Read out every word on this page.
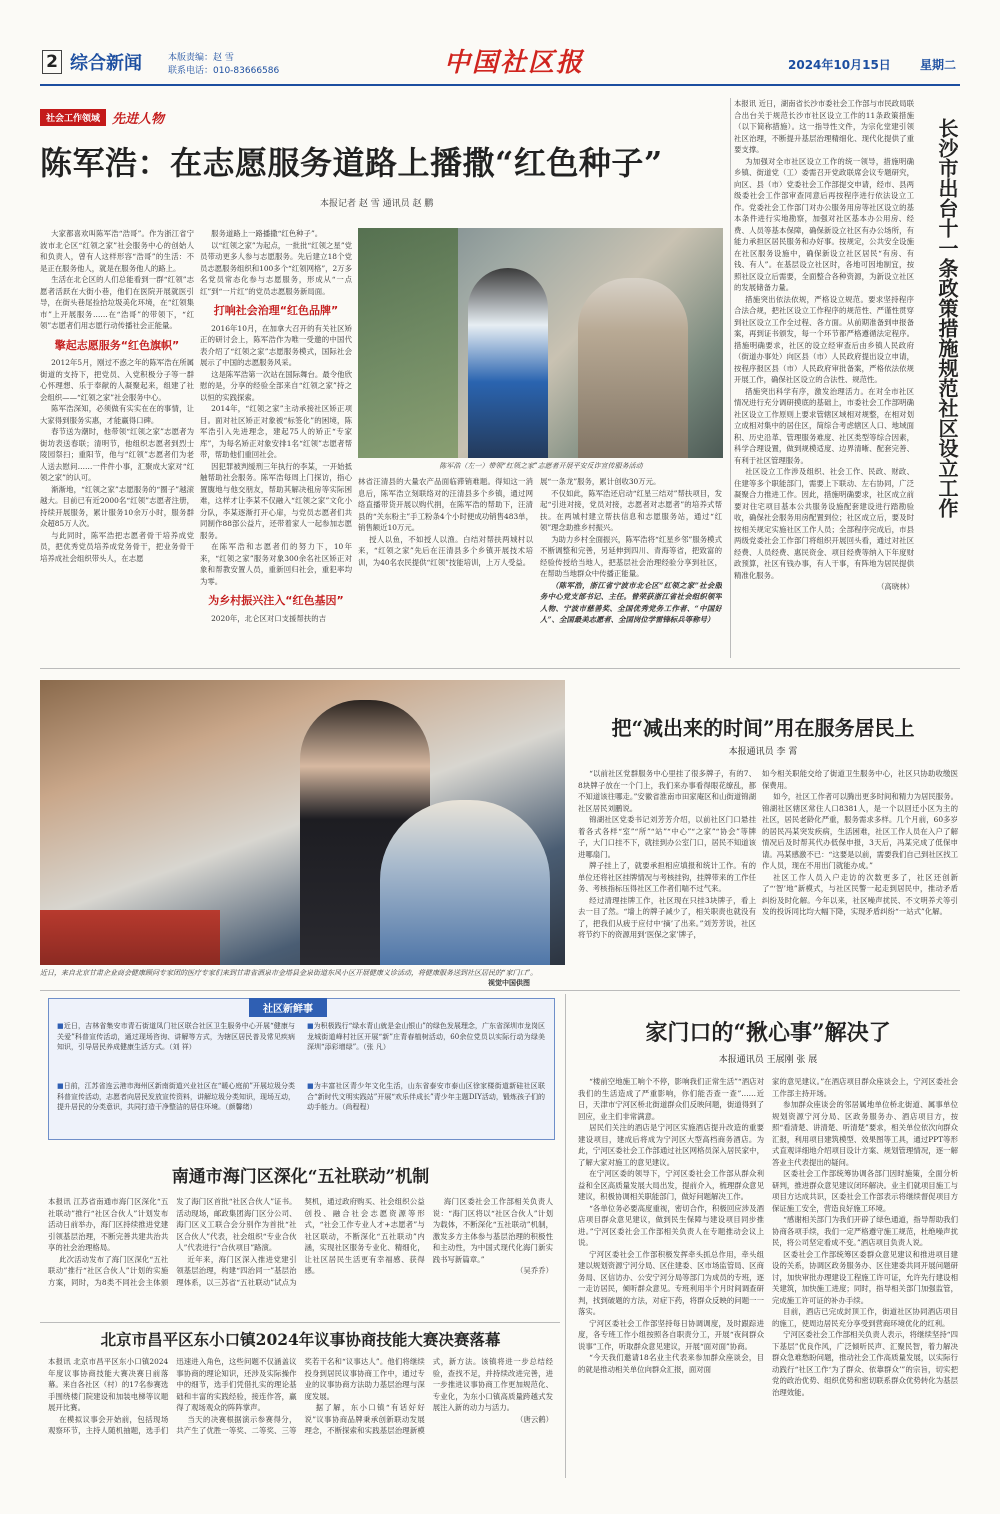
2 综合新闻	本版责编：赵 雪
联系电话：010-83666586	中国社区报	2024年10月15日 星期二
社会工作领域 先进人物
陈军浩：在志愿服务道路上播撒“红色种子”
本报记者 赵 雪 通讯员 赵 鹏

大家都喜欢叫陈军浩“浩哥”。作为浙江省宁波市北仑区“红领之家”社会服务中心的创始人和负责人，曾有人这样形容“浩哥”的生活：不是正在服务他人，就是在服务他人的路上。

生活在北仑区的人们总能看到一群“红领”志愿者活跃在大街小巷，他们在医院开展就医引导，在街头巷尾捡拾垃圾美化环境，在“红领集市”上开展服务……在“浩哥”的带领下，“红领”志愿者们用志愿行动传播社会正能量。

擎起志愿服务“红色旗帜”

2012年5月，刚过不惑之年的陈军浩在所属街道的支持下，把党员、入党积极分子等一群心怀理想、乐于奉献的人凝聚起来，组建了社会组织——“红领之家”社会服务中心。

陈军浩深知，必须做有实实在在的事情，让大家得到服务实惠，才能赢得口碑。

春节送为潮时，他带领“红领之家”志愿者为街坊表送春联；清明节，他组织志愿者到烈士陵园祭扫；重阳节，他与“红领”志愿者们为老人送去慰问……一件件小事，汇聚成大家对“红领之家”的认可。

渐渐地，“红领之家”志愿服务的“圈子”越滚越大。目前已有近2000名“红领”志愿者注册，持续开展服务，累计服务10余万小时，服务群众超85万人次。

与此同时，陈军浩把志愿者骨干培养成党员，把优秀党员培养成党务骨干，把业务骨干培养成社会组织带头人，在志愿

服务道路上一路播撒“红色种子”。

以“红领之家”为起点，一批批“红领之星”党员带动更多人参与志愿服务。先后建立18个党员志愿服务组织和100多个“红领网格”，2万多名党员常态化参与志愿服务，形成从“一点红”到“一片红”的党员志愿服务新局面。

打响社会治理“红色品牌”

2016年10月，在加拿大召开的有关社区矫正的研讨会上，陈军浩作为唯一受邀的中国代表介绍了“红领之家”志愿服务模式，国际社会展示了中国的志愿服务风采。

这是陈军浩第一次站在国际舞台。最令他欣慰的是，分享的经验全部来自“红领之家”持之以恒的实践探索。

2014年，“红领之家”主动承接社区矫正项目。面对社区矫正对象被“标签化”的困境，陈军浩引入先进理念，建起75人的矫正“专家库”，为每名矫正对象安排1名“红领”志愿者帮带，帮助他们重回社会。

因犯罪被判缓刑三年执行的李某，一开始抵触帮助社会服务。陈军浩每周上门探访，指心置腹地与他交朋友，帮助其解决租房等实际困难，这样才让李某不仅融入“红领之家”文化小分队，李某逐渐打开心扉，与党员志愿者们共同制作88部公益片，还带着家人一起参加志愿服务。

在陈军浩和志愿者们的努力下，10年来，“红领之家”服务对象300余名社区矫正对象和帮教安置人员，重新回归社会，重犯率均为零。

为乡村振兴注入“红色基因”

2020年，北仑区对口支援帮扶的吉

陈军浩（左一）带领“红领之家”志愿者开展平安反诈宣传服务活动

林省汪清县的大量农产品面临滞销难题。得知这一消息后，陈军浩立刻联络对的汪清县多个乡镇，通过网络直播带货开展以购代捐，在陈军浩的帮助下，汪清县的“关东粉主”手工粉条4个小时便成功销售483单，销售额近10万元。

授人以鱼，不如授人以渔。白结对帮扶两城村以来，“红领之家”先后在汪清县多个乡镇开展技术培训，为40名农民提供“红领”技能培训，上万人受益。

展“一条龙”服务，累计创收30万元。

不仅如此，陈军浩还启动“红星三结对”帮扶项目，发起“引进对接，党员对接，志愿者对志愿者”的培养式帮扶。在两城村建立帮扶信息和志愿服务站，通过“红领”理念助推乡村振兴。

为助力乡村全面振兴，陈军浩将“红星乡邻”服务模式不断调整和完善，另延伸到四川、青海等省，把致富的经验传授给当地人，把基层社会治理经验分享到社区，在帮助当地群众中传播正能量。

（陈军浩，浙江省宁波市北仑区“红领之家”社会服务中心党支部书记、主任。曾荣获浙江省社会组织领军人物、宁波市慈善奖、全国优秀党务工作者、“中国好人”、全国最美志愿者、全国岗位学雷锋标兵等称号）

本报讯 近日，湖南省长沙市委社会工作部与市民政局联合出台关于规范长沙市社区设立工作的11条政策措施（以下简称措施）。这一指导性文件，为宗化堂建引领社区治理，不断提升基层治理精细化、现代化提供了重要支撑。

为加强对全市社区设立工作的统一领导，措施明确乡镇、街道党（工）委需召开党政联席会议专题研究，向区、县（市）党委社会工作部提交申请，经市、县两级委社会工作部审查同意后再按程序进行依法设立工作。党委社会工作部门对办公服务用房等社区设立的基本条件进行实地勘察，加强对社区基本办公用房、经费、人员等基本保障，确保新设立社区有办公场所，有能力承担区居民服务和办好事。按规定，公共安全设施在社区服务设施中，确保新设立社区居民“有房、有钱、有人”。在基层设立社区时，各地可因地制宜，按照社区设立后需要，全面整合各种资源，为新设立社区的发展储备力量。

措施突出依法依规，严格设立规范。要求坚持程序合法合规，把社区设立工作程序的规范性、严谨性贯穿到社区设立工作全过程、各方面。从前期准备到申报备案，再到证书颁发，每一个环节都严格遵循法定程序。措施明确要求，社区的设立经审查后由乡镇人民政府（街道办事处）向区县（市）人民政府提出设立申请，按程序报区县（市）人民政府审批备案，严格依法依规开展工作，确保社区设立的合法性、规范性。

措施突出科学有序，激发治理活力。在对全市社区情况进行充分调研摸底的基础上，市委社会工作部明确社区设立工作原则上要求管辖区域相对规整，在相对划立成相对集中的居住区，简综合考虑辖区人口、地域面积、历史沿革、管理服务难度、社区类型等综合因素，科学合理设置，做到规模适度、边界清晰、配套完善、有利于社区管理服务。

社区设立工作涉及组织、社会工作、民政、财政、住建等多个职能部门，需要上下联动、左右协同，广泛凝聚合力推进工作。因此，措施明确要求，社区成立前要对住宅项目基本公共服务设施配套建设进行踏勘验收，确保社会服务用房配置到位；社区成立后，要及时按相关规定实施社区工作人员；全部程序完成后，市县两级党委社会工作部门将组织开展回头看，通过对社区经费、人员经费、惠民资金、项目经费等纳入下年度财政预算，社区有钱办事，有人干事，有阵地为居民提供精准化服务。

（高晓林）

长沙市出台十一条政策措施规范社区设立工作
近日，来自北京甘肃企业商会健康顾问专家团的医疗专家们来到甘肃省酒泉市金塔县金泉街道东风小区开展健康义诊活动，将健康服务送到社区居民的“家门口”。
视觉中国供图
把“减出来的时间”用在服务居民上
本报通讯员 李 霄

“以前社区党群服务中心里挂了很多牌子，有的7、8块牌子放在一个门上，我们来办事看得眼花缭乱，都不知道该往哪走。”安徽省淮南市田家庵区和山街道锦湖社区居民刘鹏说。

锦湖社区党委书记刘芳芳介绍，以前社区门口悬挂着各式各样“室”“所”“站”“中心”“之家”“协会”等牌子，大门口挂不下，就挂到办公室门口，居民不知道该进哪扇门。

牌子挂上了，就要承担相应填报和统计工作。有的单位还将社区挂牌情况与考核挂钩，挂牌带来的工作任务、考核指标压得社区工作者们喘不过气来。

经过清理挂牌工作，社区现在只挂3块牌子，看上去一目了然。“墙上的牌子减少了，相关职责也就没有了，把我们从疲于应付中‘摘’了出来。”刘芳芳说，社区将节约下的资源用到‘医保之家’牌子，

如今相关职能交给了街道卫生服务中心，社区只协助收缴医保费用。

如今，社区工作者可以腾出更多时间和精力为居民服务。锦湖社区辖区常住人口8381人，是一个以回迁小区为主的社区，居民老龄化严重，服务需求多样。几个月前，60多岁的居民冯某突发疾病，生活困难，社区工作人员在入户了解情况后及时帮其代办低保申报，3天后，冯某完成了低保申请。冯某感激不已：“这要是以前，需要我们自己到社区找工作人员，现在不用出门就能办成。”

社区工作人员入户走访的次数更多了，社区还创新了“‘智’地”新模式，与社区民警一起走到居民中，推动矛盾纠纷及时化解。今年以来，社区噪声扰民、不文明养犬等引发的投诉同比均大幅下降，实现矛盾纠纷“一站式”化解。

社区新鲜事
■近日，吉林省集安市青石街道凤门社区联合社区卫生服务中心开展“健康与关爱”科普宣传活动，通过现场咨询、讲解等方式，为辖区居民普及常见疾病知识，引导居民养成健康生活方式。（刘 祥）
■为积极践行“绿水青山就是金山银山”的绿色发展理念，广东省深圳市龙岗区龙城街道峰村社区开展“新”庄青春植树活动，60余位党员以实际行动为绿美深圳“添彩增绿”。（张 凡）
■日前，江苏省连云港市海州区新南街道兴业社区在“暖心庭前”开展垃圾分类科普宣传活动，志愿者向居民发放宣传资料，讲解垃圾分类知识，现场互动，提升居民的分类意识，共同打造干净整洁的居住环境。（颜馨绪）
■为丰富社区青少年文化生活，山东省泰安市泰山区徐家楼街道新硅社区联合“新时代文明实践站”开展“欢乐伴成长”青少年主题DIY活动，锻炼孩子们的动手能力。（尚程程）
南通市海门区深化“五社联动”机制

本报讯 江苏省南通市海门区深化“五社联动”推行“社区合伙人”计划发布活动日前举办，海门区持续推进党建引领基层治理，不断完善共建共治共享的社会治理格局。

此次活动发布了海门区深化“五社联动”推行“社区合伙人”计划的实施方案，同时，为8类不同社会主体颁发了海门区首批“社区合伙人”证书。活动现场，邮政集团海门区分公司、海门区义工联合会分别作为首批“社区合伙人”代表，社会组织“专业合伙人”代表进行“合伙项目”路演。

近年来，海门区深入推进党建引领基层治理，构建“四治同一”基层治理体系，以三苏省“五社联动”试点为契机，通过政府购买、社会组织公益创投、融合社会志愿资源等形式，“社会工作专业人才+志愿者”与社区联动，不断深化“五社联动”内涵，实现社区服务专业化、精细化，让社区居民生活更有幸福感、获得感。

海门区委社会工作部相关负责人说：“海门区将以“社区合伙人”计划为载体，不断深化“五社联动”机制，激发多方主体参与基层治理的积极性和主动性，为中国式现代化海门新实践书写新篇章。”

（吴乔乔）

北京市昌平区东小口镇2024年议事协商技能大赛决赛落幕

本报讯 北京市昌平区东小口镇2024年度议事协商技能大赛决赛日前落幕。来自各社区（村）的17名参赛选手围绕楼门院建设和加装电梯等议题展开比赛。

在模拟议事会开始前，包括现场观察环节，主持人随机抽题，选手们迅速进入角色，这些问题不仅涵盖议事协商的理论知识，还涉及实际操作中的细节，选手们凭借扎实的理论基础和丰富的实践经验，接连作答，赢得了观场观众的阵阵掌声。

当天的决赛根据演示参赛得分，共产生了优胜一等奖、二等奖、三等奖若干名和“议事达人”。他们将继续投身到居民议事协商工作中，通过专业的议事协商方法助力基层治理与深度发展。

据了解，东小口镇“有话好好说”议事协商品牌秉承创新联动发展理念，不断探索和实践基层治理新模式，新方法。该镇将进一步总结经验，查找不足，并持续改进完善，进一步推进议事协商工作更加规范化、专业化，为东小口镇高质量跨越式发展注入新的动力与活力。

（唐云鹤）

家门口的“揪心事”解决了
本报通讯员 王展刚 张 展

“楼前空地施工响个不停，影响我们正常生活”“酒店对我们的生活造成了严重影响，你们能否查一查”……近日，天津市宁河区桥北街道群众们反映问题，街道得到了回应，业主们非常满意。

居民们关注的酒店是宁河区实施酒店提升改造的重要建设项目，建成后将成为宁河区大型高档商务酒店。为此，宁河区委社会工作部通过社区网格员深入居民家中，了解大家对施工的意见建议。

在宁河区委的领导下，宁河区委社会工作部从群众利益和全区高质量发展大局出发，提前介入，梳理群众意见建议，积极协调相关职能部门，做好问题解决工作。

“各单位务必要高度重视，密切合作，积极回应涉及酒店项目群众意见建议，做到民生保障与建设项目同步推进。”宁河区委社会工作部相关负责人在专题推动会议上说。

宁河区委社会工作部积极发挥牵头抓总作用，牵头组建以规划资源宁河分局、区住建委、区市场监管局、区商务局、区信访办、公安宁河分局等部门为成员的专班，逐一走访居民，倾听群众意见。专班利用半个月时间调查研判，找到破题的方法，对症下药，将群众反映的问题一一落实。

宁河区委社会工作部坚持每日协调调度，及时跟踪进度，各专班工作小组按照各自职责分工，开展“夜间群众说事”工作，听取群众意见建议，开展“面对面”协商。

“今天我们邀请18名业主代表来参加群众座谈会，目的就是推动相关单位向群众汇报，面对面

家的意见建议。”在酒店项目群众座谈会上，宁河区委社会工作部主持开场。

参加群众座谈会的邻居属地单位桥北街道、属事单位规划资源宁河分局、区政务服务办、酒店项目方，按照“看清楚、讲清楚、听清楚”要求，相关单位依次向群众汇报，利用项目建筑模型、效果图等工具，通过PPT等形式直观详细地介绍项目设计方案、规划管理情况，逐一解答业主代表提出的疑问。

区委社会工作部统筹协调各部门因时施策，全面分析研判，推进群众意见建议闭环解决。业主们就项目施工与项目方达成共识，区委社会工作部表示将继续督促项目方保证施工安全，营造良好施工环境。

“感谢相关部门为我们开辟了绿色通道，指导帮助我们协商各项手续，我们一定严格遵守施工规范，杜绝噪声扰民，将公司坚定看成不变。”酒店项目负责人说。

区委社会工作部统筹区委群众意见建议和推进项目建设的关系，协调区政务服务办、区住建委共同开展问题研讨，加快审批办理建设工程施工许可证，允许先行建设相关建筑，加快施工进度；同时，指导相关部门加强监管，完成施工许可证的补办手续。

目前，酒店已完成封顶工作，街道社区协同酒店项目的施工，使周边居民充分享受到营商环境优化的红利。

宁河区委社会工作部相关负责人表示，将继续坚持“四下基层”优良作风，广泛倾听民声、汇聚民智，着力解决群众急难愁盼问题，推动社会工作高质量发展，以实际行动践行“社区工作‘为了群众、依靠群众’”的宗旨，切实把党的政治优势、组织优势和密切联系群众优势转化为基层治理效能。
